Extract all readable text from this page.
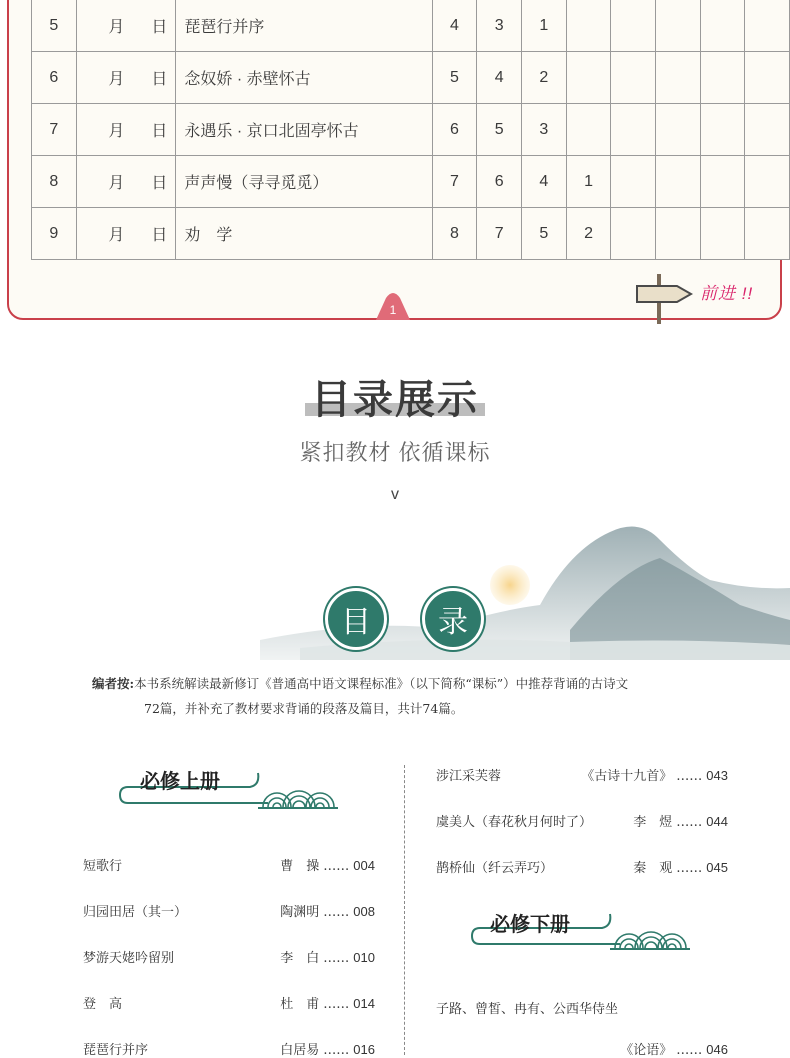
5	月 日	琵琶行并序	4	3	1					
6	月 日	念奴娇 · 赤壁怀古	5	4	2					
7	月 日	永遇乐 · 京口北固亭怀古	6	5	3					
8	月 日	声声慢（寻寻觅觅）	7	6	4	1				
9	月 日	劝　学	8	7	5	2				
1
前进 !!
目录展示
紧扣教材 依循课标
v
目	录
编者按:本书系统解读最新修订《普通高中语文课程标准》（以下简称“课标”）中推荐背诵的古诗文
72篇，并补充了教材要求背诵的段落及篇目，共计74篇。
必修上册
短歌行	曹　操 …… 004
归园田居（其一）	陶渊明 …… 008
梦游天姥吟留别	李　白 …… 010
登　高	杜　甫 …… 014
琵琶行并序	白居易 …… 016
涉江采芙蓉	《古诗十九首》 …… 043
虞美人（春花秋月何时了）	李　煜 …… 044
鹊桥仙（纤云弄巧）	秦　观 …… 045
必修下册
子路、曾皙、冉有、公西华侍坐
《论语》 …… 046
